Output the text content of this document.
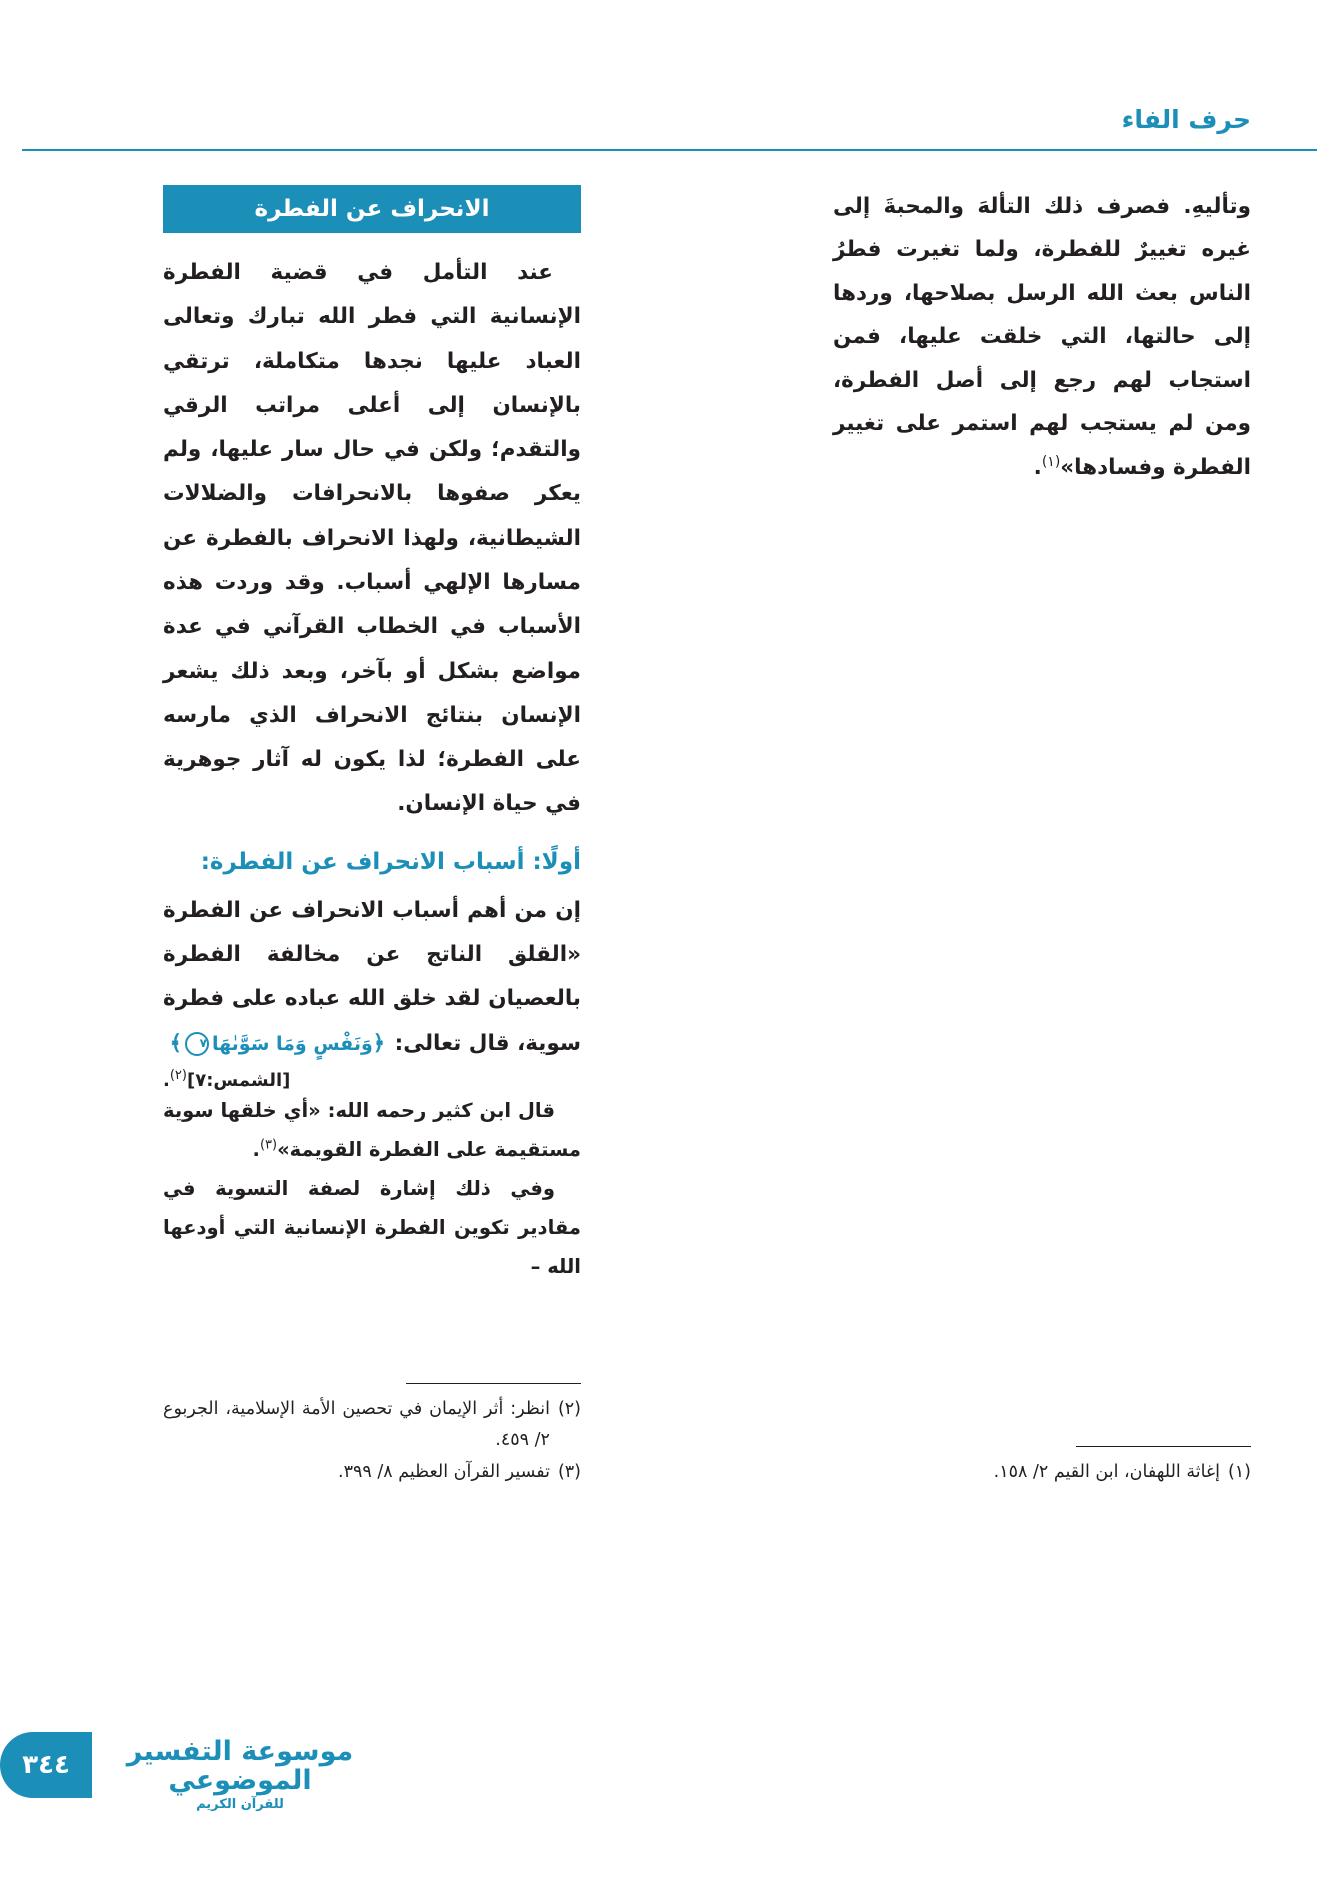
حرف الفاء

وتأليهِ. فصرف ذلك التألهَ والمحبةَ إلى غيره تغييرٌ للفطرة، ولما تغيرت فطرُ الناس بعث الله الرسل بصلاحها، وردها إلى حالتها، التي خلقت عليها، فمن استجاب لهم رجع إلى أصل الفطرة، ومن لم يستجب لهم استمر على تغيير الفطرة وفسادها»$^{(١)}$.

الانحراف عن الفطرة

عند التأمل في قضية الفطرة الإنسانية التي فطر الله تبارك وتعالى العباد عليها نجدها متكاملة، ترتقي بالإنسان إلى أعلى مراتب الرقي والتقدم؛ ولكن في حال سار عليها، ولم يعكر صفوها بالانحرافات والضلالات الشيطانية، ولهذا الانحراف بالفطرة عن مسارها الإلهي أسباب. وقد وردت هذه الأسباب في الخطاب القرآني في عدة مواضع بشكل أو بآخر، وبعد ذلك يشعر الإنسان بنتائج الانحراف الذي مارسه على الفطرة؛ لذا يكون له آثار جوهرية في حياة الإنسان.

أولًا: أسباب الانحراف عن الفطرة:

إن من أهم أسباب الانحراف عن الفطرة «القلق الناتج عن مخالفة الفطرة بالعصيان لقد خلق الله عباده على فطرة سوية، قال تعالى: ﴿وَنَفْسٍ وَمَا سَوَّىٰهَا٧﴾

[الشمس:٧]$^{(٢)}$.

قال ابن كثير رحمه الله: «أي خلقها سوية مستقيمة على الفطرة القويمة»$^{(٣)}$.

وفي ذلك إشارة لصفة التسوية في مقادير تكوين الفطرة الإنسانية التي أودعها الله –

(١)
إغاثة اللهفان، ابن القيم ٢/ ١٥٨.
(٢)
انظر: أثر الإيمان في تحصين الأمة الإسلامية، الجربوع ٢/ ٤٥٩.
(٣)
تفسير القرآن العظيم ٨/ ٣٩٩.
٣٤٤	موسوعة التفسير الموضوعي
للقرآن الكريم
